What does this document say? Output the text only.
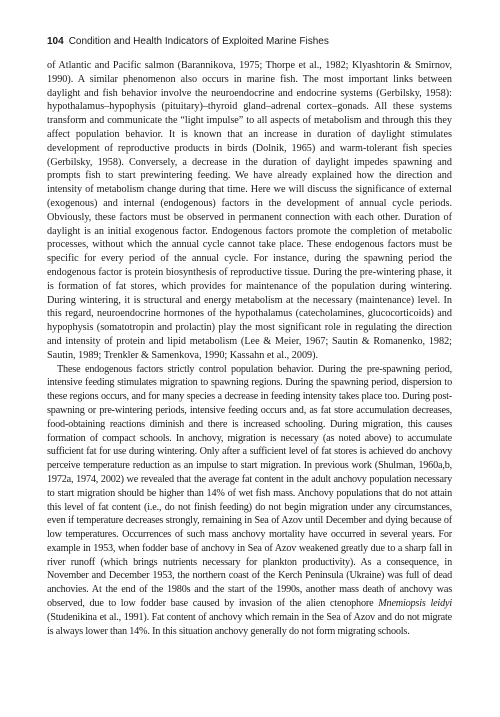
104 Condition and Health Indicators of Exploited Marine Fishes

of Atlantic and Pacific salmon (Barannikova, 1975; Thorpe et al., 1982; Klyashtorin & Smirnov, 1990). A similar phenomenon also occurs in marine fish. The most important links between daylight and fish behavior involve the neuroendocrine and endocrine systems (Gerbilsky, 1958): hypothalamus–hypophysis (pituitary)–thyroid gland–adrenal cortex–gonads. All these systems transform and communicate the “light impulse” to all aspects of metabolism and through this they affect population behavior. It is known that an increase in duration of daylight stimulates development of reproductive products in birds (Dolnik, 1965) and warm-tolerant fish species (Gerbilsky, 1958). Conversely, a decrease in the duration of daylight impedes spawning and prompts fish to start prewintering feeding. We have already explained how the direction and intensity of metabolism change during that time. Here we will discuss the significance of external (exogenous) and internal (endogenous) factors in the development of annual cycle periods. Obviously, these factors must be observed in permanent connection with each other. Duration of daylight is an initial exogenous factor. Endogenous factors promote the completion of metabolic processes, without which the annual cycle cannot take place. These endogenous factors must be specific for every period of the annual cycle. For instance, during the spawning period the endogenous factor is protein biosynthesis of reproductive tissue. During the pre-wintering phase, it is formation of fat stores, which provides for maintenance of the population during wintering. During wintering, it is structural and energy metabolism at the necessary (maintenance) level. In this regard, neuroendocrine hormones of the hypothalamus (catecholamines, glucocorticoids) and hypophysis (somatotropin and prolactin) play the most significant role in regulating the direction and intensity of protein and lipid metabolism (Lee & Meier, 1967; Sautin & Romanenko, 1982; Sautin, 1989; Trenkler & Samenkova, 1990; Kassahn et al., 2009).

These endogenous factors strictly control population behavior. During the pre-spawning period, intensive feeding stimulates migration to spawning regions. During the spawning period, dispersion to these regions occurs, and for many species a decrease in feeding intensity takes place too. During post-spawning or pre-wintering periods, intensive feeding occurs and, as fat store accumulation decreases, food-obtaining reactions diminish and there is increased schooling. During migration, this causes formation of compact schools. In anchovy, migration is necessary (as noted above) to accumulate sufficient fat for use during wintering. Only after a sufficient level of fat stores is achieved do anchovy perceive temperature reduction as an impulse to start migration. In previous work (Shulman, 1960a,b, 1972a, 1974, 2002) we revealed that the average fat content in the adult anchovy population necessary to start migration should be higher than 14% of wet fish mass. Anchovy populations that do not attain this level of fat content (i.e., do not finish feeding) do not begin migration under any circumstances, even if temperature decreases strongly, remaining in Sea of Azov until December and dying because of low temperatures. Occurrences of such mass anchovy mortality have occurred in several years. For example in 1953, when fodder base of anchovy in Sea of Azov weakened greatly due to a sharp fall in river runoff (which brings nutrients necessary for plankton productivity). As a consequence, in November and December 1953, the northern coast of the Kerch Peninsula (Ukraine) was full of dead anchovies. At the end of the 1980s and the start of the 1990s, another mass death of anchovy was observed, due to low fodder base caused by invasion of the alien ctenophore Mnemiopsis leidyi (Studenikina et al., 1991). Fat content of anchovy which remain in the Sea of Azov and do not migrate is always lower than 14%. In this situation anchovy generally do not form migrating schools.
